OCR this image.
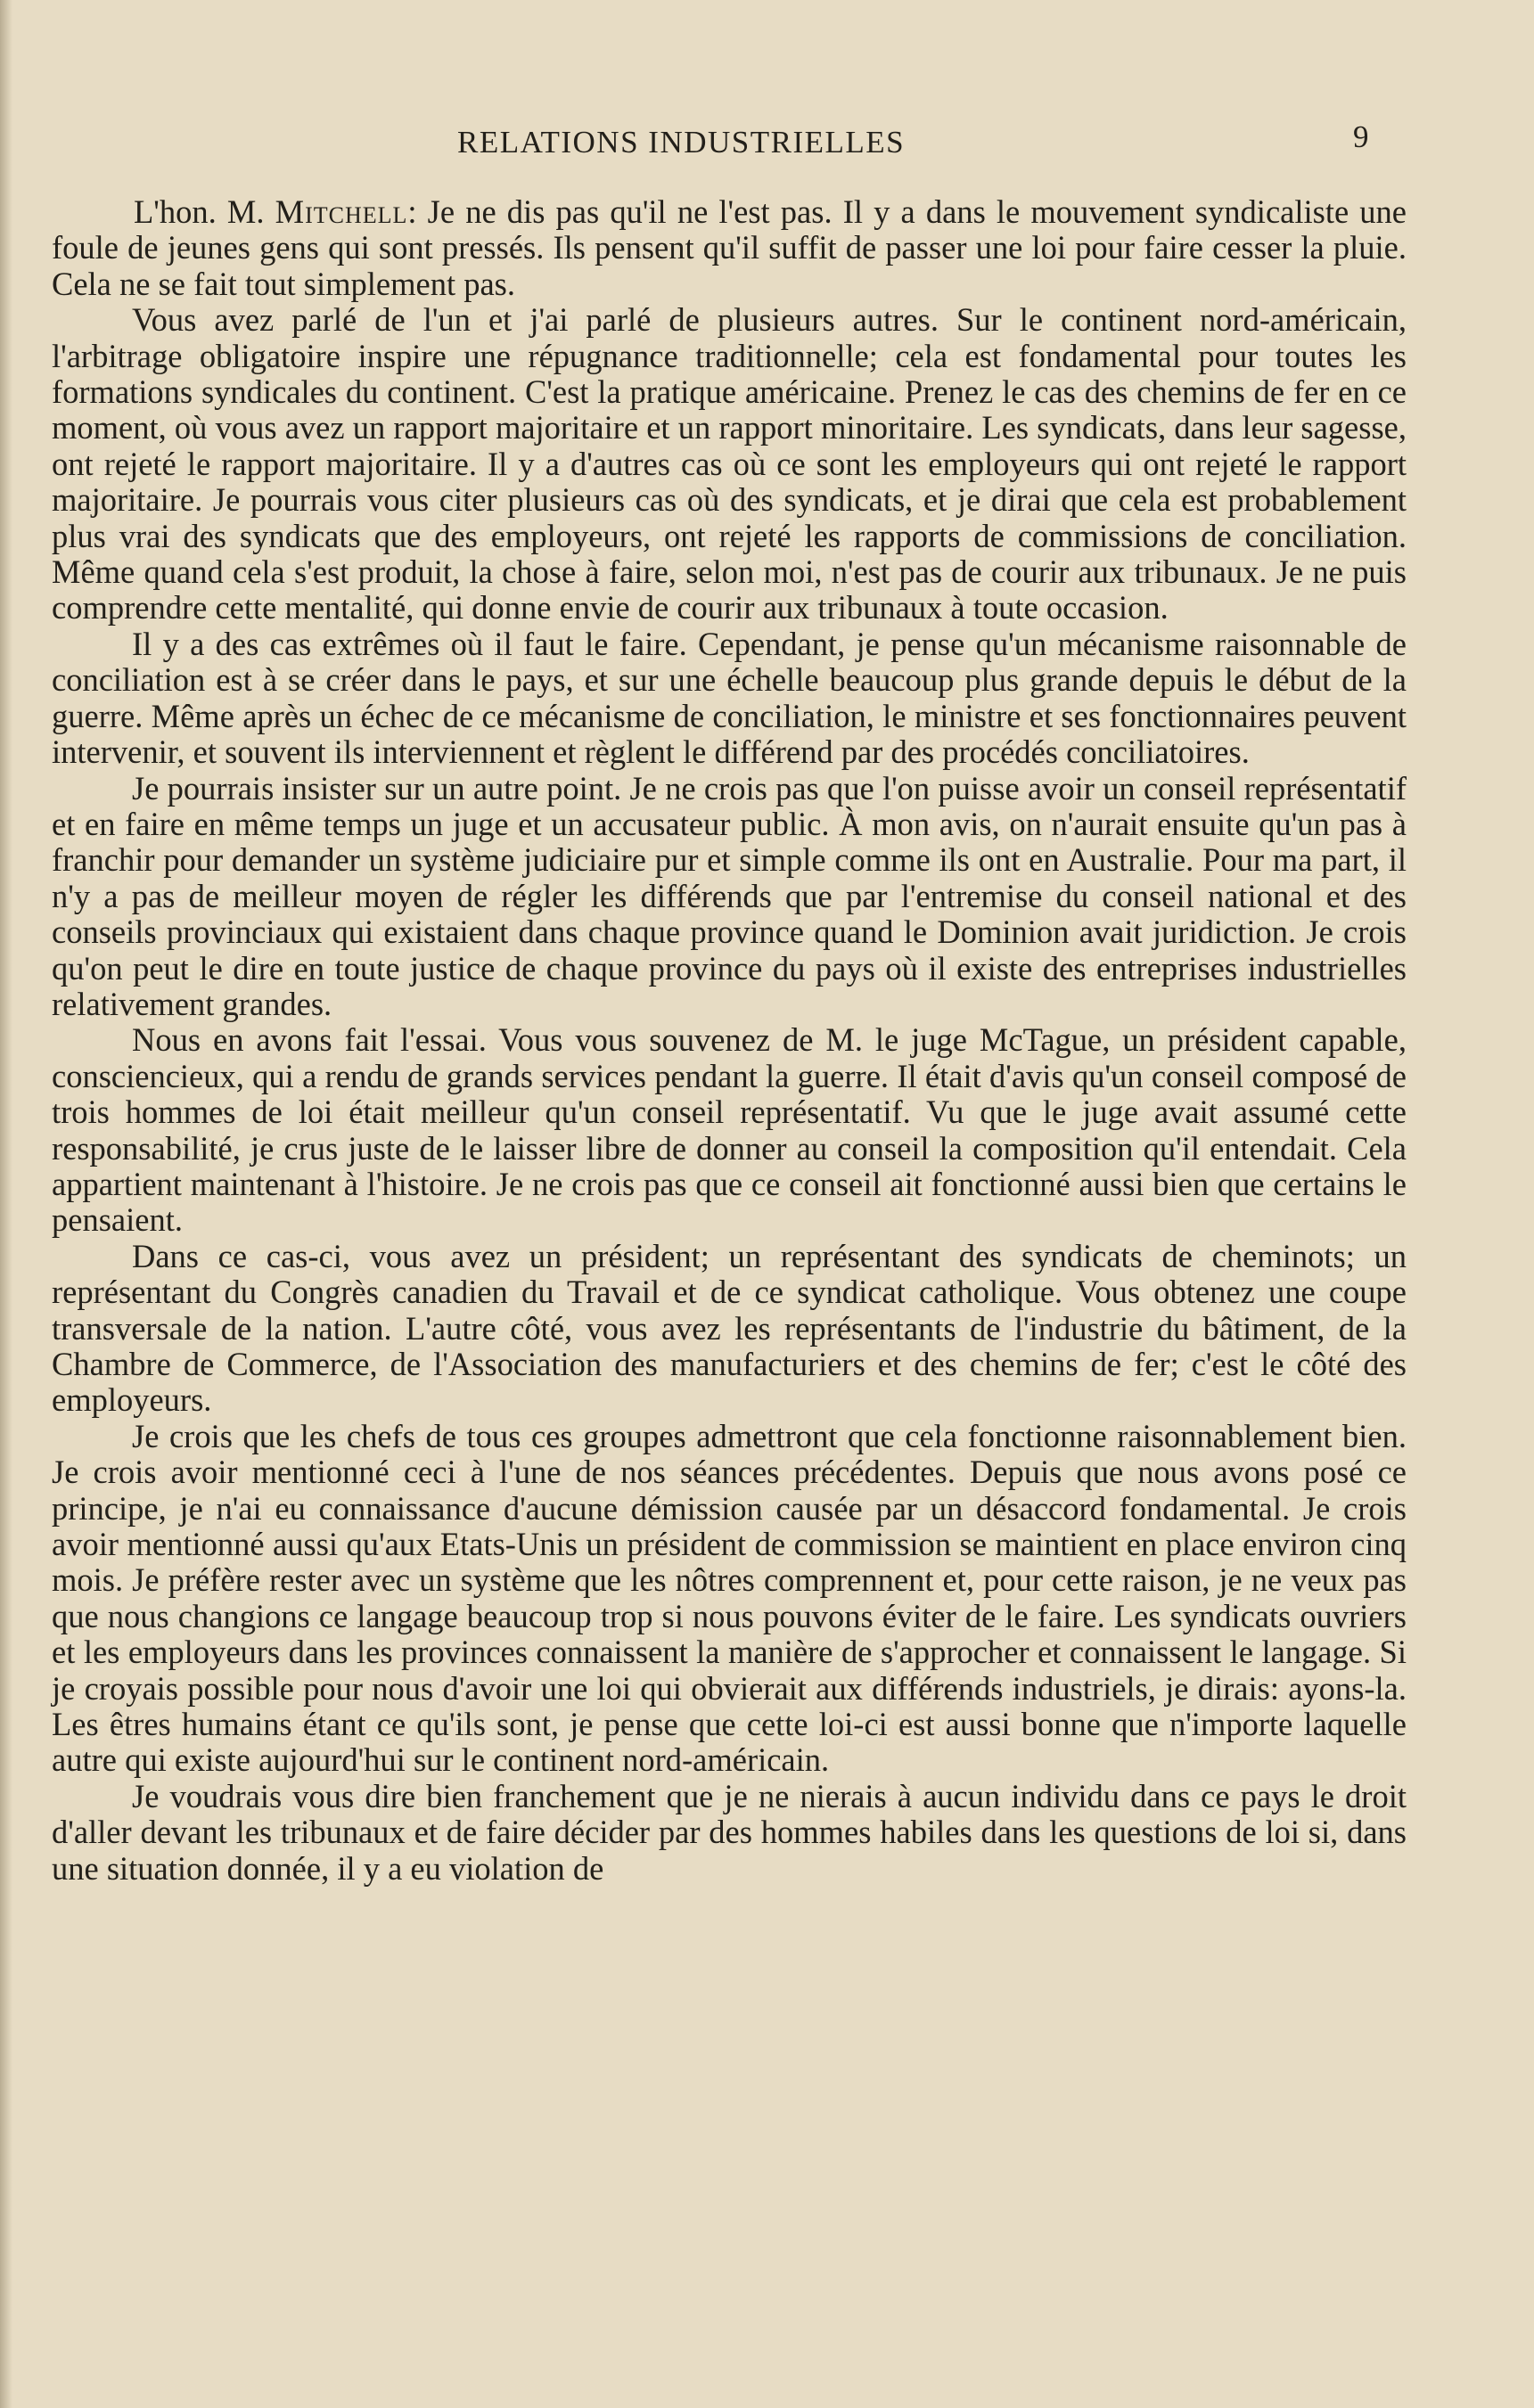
RELATIONS INDUSTRIELLES	9

L'hon. M. Mitchell: Je ne dis pas qu'il ne l'est pas. Il y a dans le mouvement syndicaliste une foule de jeunes gens qui sont pressés. Ils pensent qu'il suffit de passer une loi pour faire cesser la pluie. Cela ne se fait tout simplement pas.

Vous avez parlé de l'un et j'ai parlé de plusieurs autres. Sur le continent nord-américain, l'arbitrage obligatoire inspire une répugnance traditionnelle; cela est fondamental pour toutes les formations syndicales du continent. C'est la pratique américaine. Prenez le cas des chemins de fer en ce moment, où vous avez un rapport majoritaire et un rapport minoritaire. Les syndicats, dans leur sagesse, ont rejeté le rapport majoritaire. Il y a d'autres cas où ce sont les employeurs qui ont rejeté le rapport majoritaire. Je pourrais vous citer plusieurs cas où des syndicats, et je dirai que cela est probablement plus vrai des syndicats que des employeurs, ont rejeté les rapports de commissions de conciliation. Même quand cela s'est produit, la chose à faire, selon moi, n'est pas de courir aux tribunaux. Je ne puis comprendre cette mentalité, qui donne envie de courir aux tribunaux à toute occasion.

Il y a des cas extrêmes où il faut le faire. Cependant, je pense qu'un mécanisme raisonnable de conciliation est à se créer dans le pays, et sur une échelle beaucoup plus grande depuis le début de la guerre. Même après un échec de ce mécanisme de conciliation, le ministre et ses fonctionnaires peuvent intervenir, et souvent ils interviennent et règlent le différend par des procédés conciliatoires.

Je pourrais insister sur un autre point. Je ne crois pas que l'on puisse avoir un conseil représentatif et en faire en même temps un juge et un accusateur public. À mon avis, on n'aurait ensuite qu'un pas à franchir pour demander un système judiciaire pur et simple comme ils ont en Australie. Pour ma part, il n'y a pas de meilleur moyen de régler les différends que par l'entremise du conseil national et des conseils provinciaux qui existaient dans chaque province quand le Dominion avait juridiction. Je crois qu'on peut le dire en toute justice de chaque province du pays où il existe des entreprises industrielles relativement grandes.

Nous en avons fait l'essai. Vous vous souvenez de M. le juge McTague, un président capable, consciencieux, qui a rendu de grands services pendant la guerre. Il était d'avis qu'un conseil composé de trois hommes de loi était meilleur qu'un conseil représentatif. Vu que le juge avait assumé cette responsabilité, je crus juste de le laisser libre de donner au conseil la composition qu'il entendait. Cela appartient maintenant à l'histoire. Je ne crois pas que ce conseil ait fonctionné aussi bien que certains le pensaient.

Dans ce cas-ci, vous avez un président; un représentant des syndicats de cheminots; un représentant du Congrès canadien du Travail et de ce syndicat catholique. Vous obtenez une coupe transversale de la nation. L'autre côté, vous avez les représentants de l'industrie du bâtiment, de la Chambre de Commerce, de l'Association des manufacturiers et des chemins de fer; c'est le côté des employeurs.

Je crois que les chefs de tous ces groupes admettront que cela fonctionne raisonnablement bien. Je crois avoir mentionné ceci à l'une de nos séances précédentes. Depuis que nous avons posé ce principe, je n'ai eu connaissance d'aucune démission causée par un désaccord fondamental. Je crois avoir mentionné aussi qu'aux Etats-Unis un président de commission se maintient en place environ cinq mois. Je préfère rester avec un système que les nôtres comprennent et, pour cette raison, je ne veux pas que nous changions ce langage beaucoup trop si nous pouvons éviter de le faire. Les syndicats ouvriers et les employeurs dans les provinces connaissent la manière de s'approcher et connaissent le langage. Si je croyais possible pour nous d'avoir une loi qui obvierait aux différends industriels, je dirais: ayons-la. Les êtres humains étant ce qu'ils sont, je pense que cette loi-ci est aussi bonne que n'importe laquelle autre qui existe aujourd'hui sur le continent nord-américain.

Je voudrais vous dire bien franchement que je ne nierais à aucun individu dans ce pays le droit d'aller devant les tribunaux et de faire décider par des hommes habiles dans les questions de loi si, dans une situation donnée, il y a eu violation de
